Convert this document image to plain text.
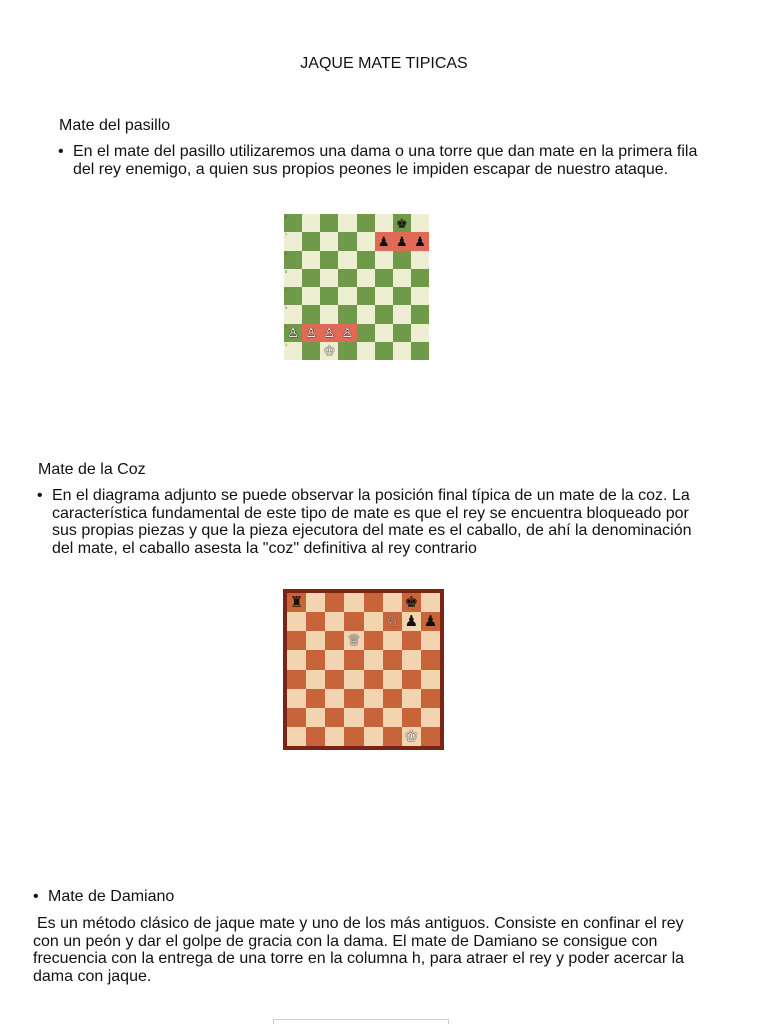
JAQUE MATE TIPICAS
Mate del pasillo
• En el mate del pasillo utilizaremos una dama o una torre que dan mate en la primera fila del rey enemigo, a quien sus propios peones le impiden escapar de nuestro ataque.
8	♚
7	♟ ♟ ♟
6
5
4
3
2 ♙ ♙ ♙ ♙
1	♔
Mate de la Coz
• En el diagrama adjunto se puede observar la posición final típica de un mate de la coz. La característica fundamental de este tipo de mate es que el rey se encuentra bloqueado por sus propias piezas y que la pieza ejecutora del mate es el caballo, de ahí la denominación del mate, el caballo asesta la "coz" definitiva al rey contrario
♜	♚
♘ ♟ ♟
♕
♔
• Mate de Damiano
Es un método clásico de jaque mate y uno de los más antiguos. Consiste en confinar el rey con un peón y dar el golpe de gracia con la dama. El mate de Damiano se consigue con frecuencia con la entrega de una torre en la columna h, para atraer el rey y poder acercar la dama con jaque.
